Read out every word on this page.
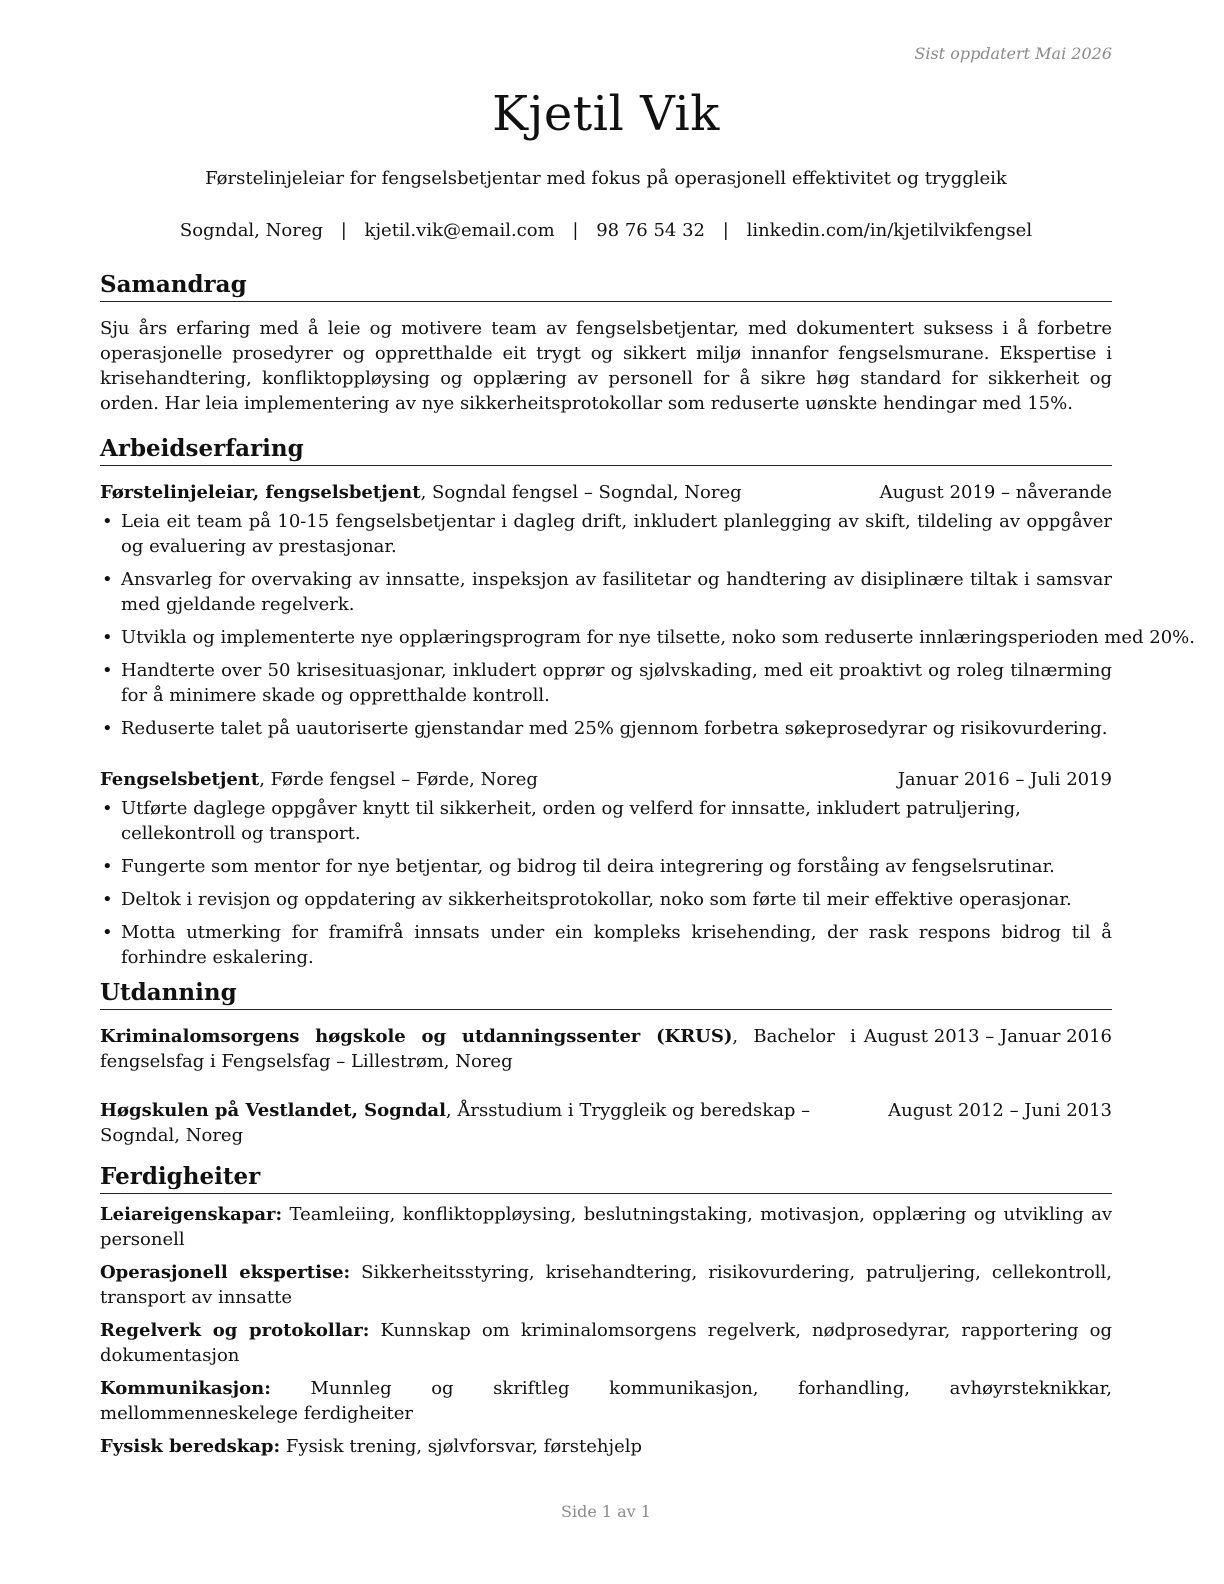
Sist oppdatert Mai 2026
Kjetil Vik
Førstelinjeleiar for fengselsbetjentar med fokus på operasjonell effektivitet og tryggleik
Sogndal, Noreg | kjetil.vik@email.com | 98 76 54 32 | linkedin.com/in/kjetilvikfengsel
Samandrag

Sju års erfaring med å leie og motivere team av fengselsbetjentar, med dokumentert suksess i å forbetre operasjonelle prosedyrer og oppretthalde eit trygt og sikkert miljø innanfor fengselsmurane. Ekspertise i krisehandtering, konfliktoppløysing og opplæring av personell for å sikre høg standard for sikkerheit og orden. Har leia implementering av nye sikkerheitsprotokollar som reduserte uønskte hendingar med 15%.

Arbeidserfaring
Førstelinjeleiar, fengselsbetjent, Sogndal fengsel – Sogndal, Noreg	August 2019 – nåverande
• Leia eit team på 10-15 fengselsbetjentar i dagleg drift, inkludert planlegging av skift, tildeling av oppgåver og evaluering av prestasjonar.
• Ansvarleg for overvaking av innsatte, inspeksjon av fasilitetar og handtering av disiplinære tiltak i samsvar med gjeldande regelverk.
• Utvikla og implementerte nye opplæringsprogram for nye tilsette, noko som reduserte innlæringsperioden med 20%.
• Handterte over 50 krisesituasjonar, inkludert opprør og sjølvskading, med eit proaktivt og roleg tilnærming for å minimere skade og oppretthalde kontroll.
• Reduserte talet på uautoriserte gjenstandar med 25% gjennom forbetra søkeprosedyrar og risikovurdering.
Fengselsbetjent, Førde fengsel – Førde, Noreg	Januar 2016 – Juli 2019
• Utførte daglege oppgåver knytt til sikkerheit, orden og velferd for innsatte, inkludert patruljering, cellekontroll og transport.
• Fungerte som mentor for nye betjentar, og bidrog til deira integrering og forståing av fengselsrutinar.
• Deltok i revisjon og oppdatering av sikkerheitsprotokollar, noko som førte til meir effektive operasjonar.
• Motta utmerking for framifrå innsats under ein kompleks krisehending, der rask respons bidrog til å forhindre eskalering.
Utdanning
Kriminalomsorgens høgskole og utdanningssenter (KRUS), Bachelor i fengselsfag i Fengselsfag – Lillestrøm, Noreg
August 2013 – Januar 2016
Høgskulen på Vestlandet, Sogndal, Årsstudium i Tryggleik og beredskap – Sogndal, Noreg
August 2012 – Juni 2013
Ferdigheiter

Leiareigenskapar: Teamleiing, konfliktoppløysing, beslutningstaking, motivasjon, opplæring og utvikling av personell

Operasjonell ekspertise: Sikkerheitsstyring, krisehandtering, risikovurdering, patruljering, cellekontroll, transport av innsatte

Regelverk og protokollar: Kunnskap om kriminalomsorgens regelverk, nødprosedyrar, rapportering og dokumentasjon

Kommunikasjon: Munnleg og skriftleg kommunikasjon, forhandling, avhøyrsteknikkar, mellommenneskelege ferdigheiter

Fysisk beredskap: Fysisk trening, sjølvforsvar, førstehjelp

Side 1 av 1
